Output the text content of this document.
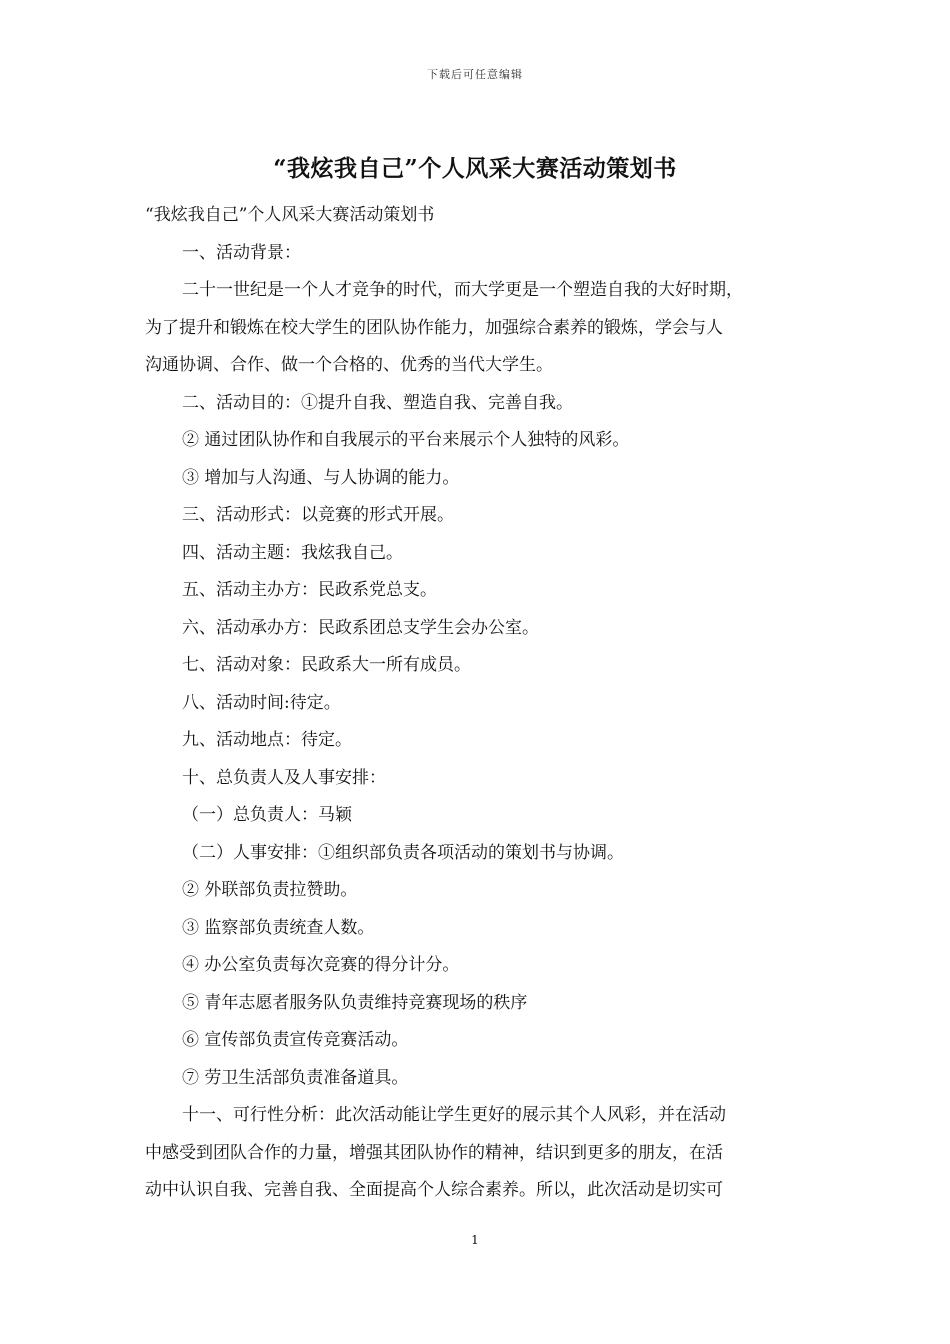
下载后可任意编辑
“我炫我自己”个人风采大赛活动策划书
“我炫我自己”个人风采大赛活动策划书
一、活动背景：
二十一世纪是一个人才竞争的时代，而大学更是一个塑造自我的大好时期，
为了提升和锻炼在校大学生的团队协作能力，加强综合素养的锻炼，学会与人
沟通协调、合作、做一个合格的、优秀的当代大学生。
二、活动目的：①提升自我、塑造自我、完善自我。
② 通过团队协作和自我展示的平台来展示个人独特的风彩。
③ 增加与人沟通、与人协调的能力。
三、活动形式：以竞赛的形式开展。
四、活动主题：我炫我自己。
五、活动主办方：民政系党总支。
六、活动承办方：民政系团总支学生会办公室。
七、活动对象：民政系大一所有成员。
八、活动时间:待定。
九、活动地点：待定。
十、总负责人及人事安排：
（一）总负责人：马颖
（二）人事安排：①组织部负责各项活动的策划书与协调。
② 外联部负责拉赞助。
③ 监察部负责统查人数。
④ 办公室负责每次竞赛的得分计分。
⑤ 青年志愿者服务队负责维持竞赛现场的秩序
⑥ 宣传部负责宣传竞赛活动。
⑦ 劳卫生活部负责准备道具。
十一、可行性分析：此次活动能让学生更好的展示其个人风彩，并在活动
中感受到团队合作的力量，增强其团队协作的精神，结识到更多的朋友，在活
动中认识自我、完善自我、全面提高个人综合素养。所以，此次活动是切实可
1
